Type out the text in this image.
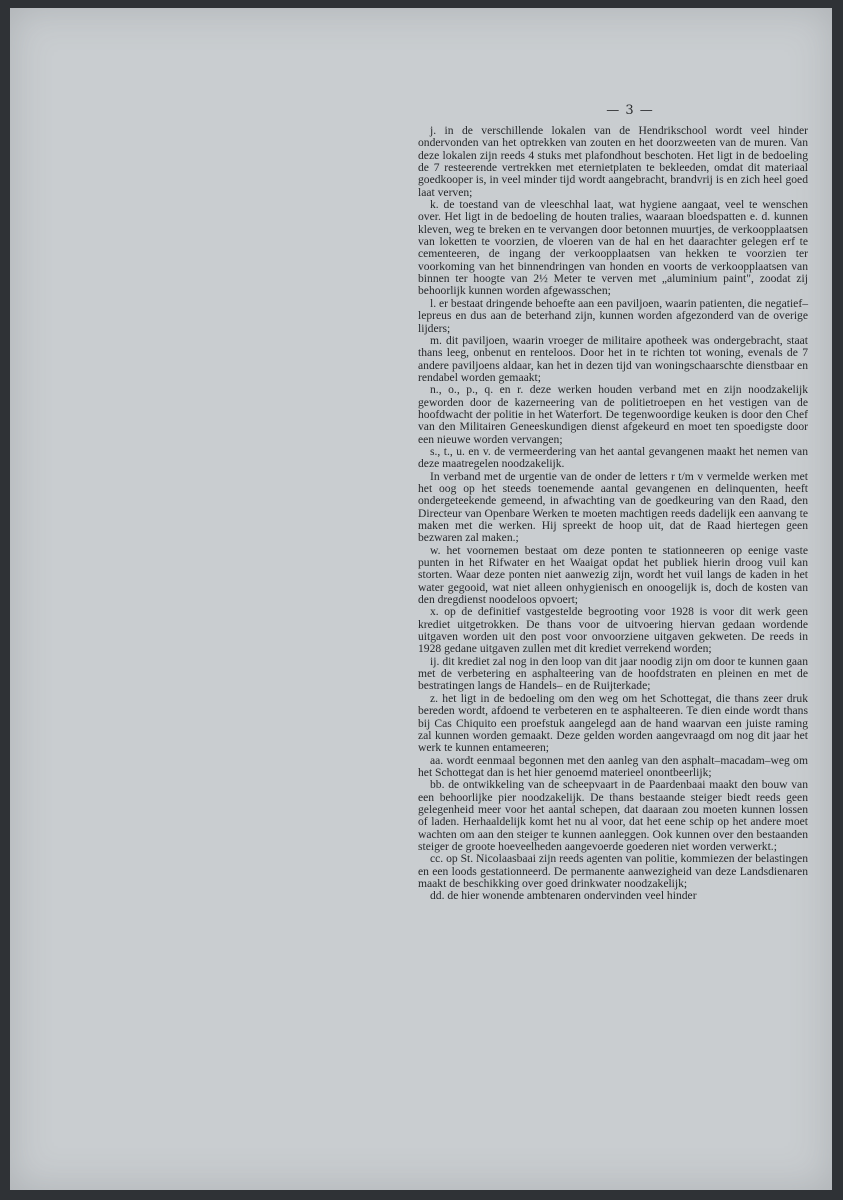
— 3 —

j. in de verschillende lokalen van de Hendrikschool wordt veel hinder ondervonden van het optrekken van zouten en het doorzweeten van de muren. Van deze lokalen zijn reeds 4 stuks met plafondhout beschoten. Het ligt in de bedoeling de 7 resteerende vertrekken met eternietplaten te bekleeden, omdat dit materiaal goedkooper is, in veel minder tijd wordt aangebracht, brandvrij is en zich heel goed laat verven;

k. de toestand van de vleeschhal laat, wat hygiene aangaat, veel te wenschen over. Het ligt in de bedoeling de houten tralies, waaraan bloedspatten e. d. kunnen kleven, weg te breken en te vervangen door betonnen muurtjes, de verkoopplaatsen van loketten te voorzien, de vloeren van de hal en het daarachter gelegen erf te cementeeren, de ingang der verkoopplaatsen van hekken te voorzien ter voorkoming van het binnendringen van honden en voorts de verkoopplaatsen van binnen ter hoogte van 2½ Meter te verven met „aluminium paint", zoodat zij behoorlijk kunnen worden afgewasschen;

l. er bestaat dringende behoefte aan een paviljoen, waarin patienten, die negatief–lepreus en dus aan de beterhand zijn, kunnen worden afgezonderd van de overige lijders;

m. dit paviljoen, waarin vroeger de militaire apotheek was ondergebracht, staat thans leeg, onbenut en renteloos. Door het in te richten tot woning, evenals de 7 andere paviljoens aldaar, kan het in dezen tijd van woningschaarschte dienstbaar en rendabel worden gemaakt;

n., o., p., q. en r. deze werken houden verband met en zijn noodzakelijk geworden door de kazerneering van de politietroepen en het vestigen van de hoofdwacht der politie in het Waterfort. De tegenwoordige keuken is door den Chef van den Militairen Geneeskundigen dienst afgekeurd en moet ten spoedigste door een nieuwe worden vervangen;

s., t., u. en v. de vermeerdering van het aantal gevangenen maakt het nemen van deze maatregelen noodzakelijk.

In verband met de urgentie van de onder de letters r t/m v vermelde werken met het oog op het steeds toenemende aantal gevangenen en delinquenten, heeft ondergeteekende gemeend, in afwachting van de goedkeuring van den Raad, den Directeur van Openbare Werken te moeten machtigen reeds dadelijk een aanvang te maken met die werken. Hij spreekt de hoop uit, dat de Raad hiertegen geen bezwaren zal maken.;

w. het voornemen bestaat om deze ponten te stationneeren op eenige vaste punten in het Rifwater en het Waaigat opdat het publiek hierin droog vuil kan storten. Waar deze ponten niet aanwezig zijn, wordt het vuil langs de kaden in het water gegooid, wat niet alleen onhygienisch en onoogelijk is, doch de kosten van den dregdienst noodeloos opvoert;

x. op de definitief vastgestelde begrooting voor 1928 is voor dit werk geen krediet uitgetrokken. De thans voor de uitvoering hiervan gedaan wordende uitgaven worden uit den post voor onvoorziene uitgaven gekweten. De reeds in 1928 gedane uitgaven zullen met dit krediet verrekend worden;

ij. dit krediet zal nog in den loop van dit jaar noodig zijn om door te kunnen gaan met de verbetering en asphalteering van de hoofdstraten en pleinen en met de bestratingen langs de Handels– en de Ruijterkade;

z. het ligt in de bedoeling om den weg om het Schottegat, die thans zeer druk bereden wordt, afdoend te verbeteren en te asphalteeren. Te dien einde wordt thans bij Cas Chiquito een proefstuk aangelegd aan de hand waarvan een juiste raming zal kunnen worden gemaakt. Deze gelden worden aangevraagd om nog dit jaar het werk te kunnen entameeren;

aa. wordt eenmaal begonnen met den aanleg van den asphalt–macadam–weg om het Schottegat dan is het hier genoemd materieel onontbeerlijk;

bb. de ontwikkeling van de scheepvaart in de Paardenbaai maakt den bouw van een behoorlijke pier noodzakelijk. De thans bestaande steiger biedt reeds geen gelegenheid meer voor het aantal schepen, dat daaraan zou moeten kunnen lossen of laden. Herhaaldelijk komt het nu al voor, dat het eene schip op het andere moet wachten om aan den steiger te kunnen aanleggen. Ook kunnen over den bestaanden steiger de groote hoeveelheden aangevoerde goederen niet worden verwerkt.;

cc. op St. Nicolaasbaai zijn reeds agenten van politie, kommiezen der belastingen en een loods gestationneerd. De permanente aanwezigheid van deze Landsdienaren maakt de beschikking over goed drinkwater noodzakelijk;

dd. de hier wonende ambtenaren ondervinden veel hinder
